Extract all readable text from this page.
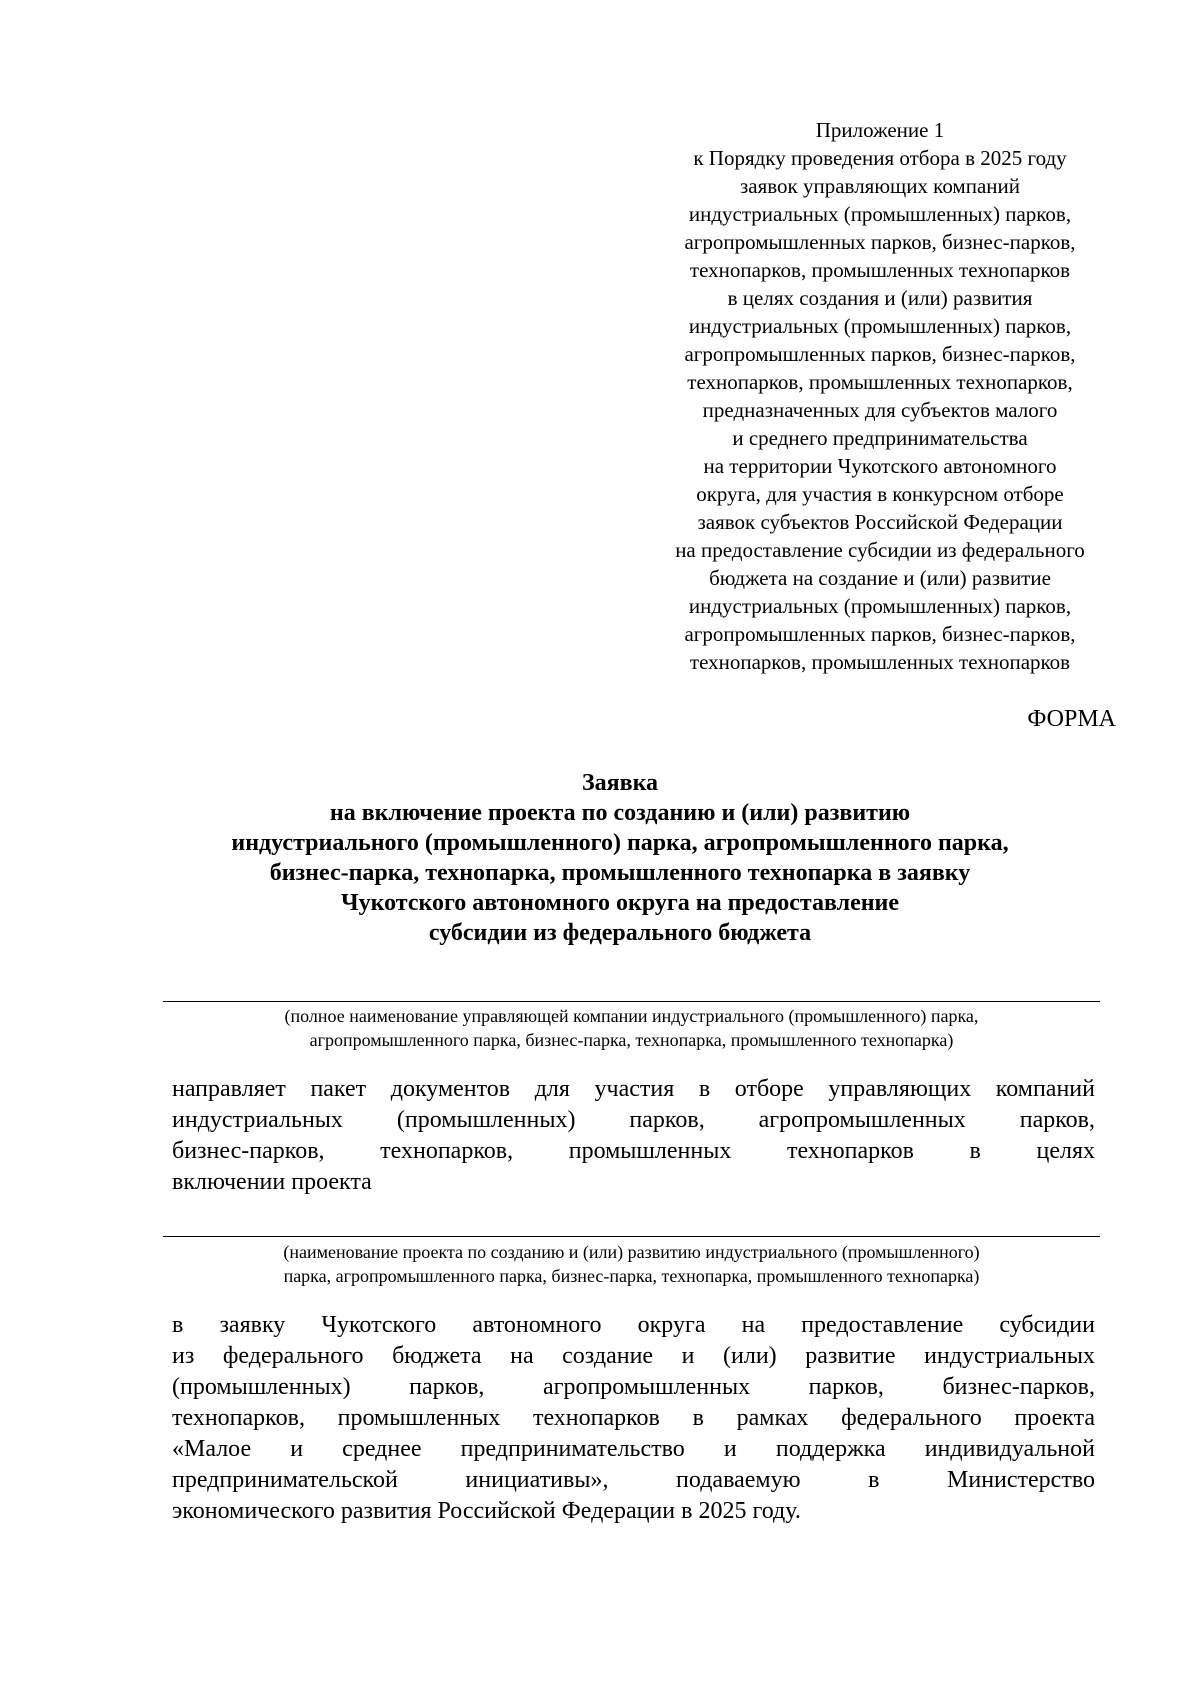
Приложение 1
к Порядку проведения отбора в 2025 году
заявок управляющих компаний
индустриальных (промышленных) парков,
агропромышленных парков, бизнес-парков,
технопарков, промышленных технопарков
в целях создания и (или) развития
индустриальных (промышленных) парков,
агропромышленных парков, бизнес-парков,
технопарков, промышленных технопарков,
предназначенных для субъектов малого
и среднего предпринимательства
на территории Чукотского автономного
округа, для участия в конкурсном отборе
заявок субъектов Российской Федерации
на предоставление субсидии из федерального
бюджета на создание и (или) развитие
индустриальных (промышленных) парков,
агропромышленных парков, бизнес-парков,
технопарков, промышленных технопарков
ФОРМА
Заявка
на включение проекта по созданию и (или) развитию
индустриального (промышленного) парка, агропромышленного парка,
бизнес-парка, технопарка, промышленного технопарка в заявку
Чукотского автономного округа на предоставление
субсидии из федерального бюджета
(полное наименование управляющей компании индустриального (промышленного) парка,
агропромышленного парка, бизнес-парка, технопарка, промышленного технопарка)
направляет пакет документов для участия в отборе управляющих компаний
индустриальных (промышленных) парков, агропромышленных парков,
бизнес-парков, технопарков, промышленных технопарков в целях
включении проекта
(наименование проекта по созданию и (или) развитию индустриального (промышленного)
парка, агропромышленного парка, бизнес-парка, технопарка, промышленного технопарка)
в заявку Чукотского автономного округа на предоставление субсидии
из федерального бюджета на создание и (или) развитие индустриальных
(промышленных) парков, агропромышленных парков, бизнес-парков,
технопарков, промышленных технопарков в рамках федерального проекта
«Малое и среднее предпринимательство и поддержка индивидуальной
предпринимательской инициативы», подаваемую в Министерство
экономического развития Российской Федерации в 2025 году.
